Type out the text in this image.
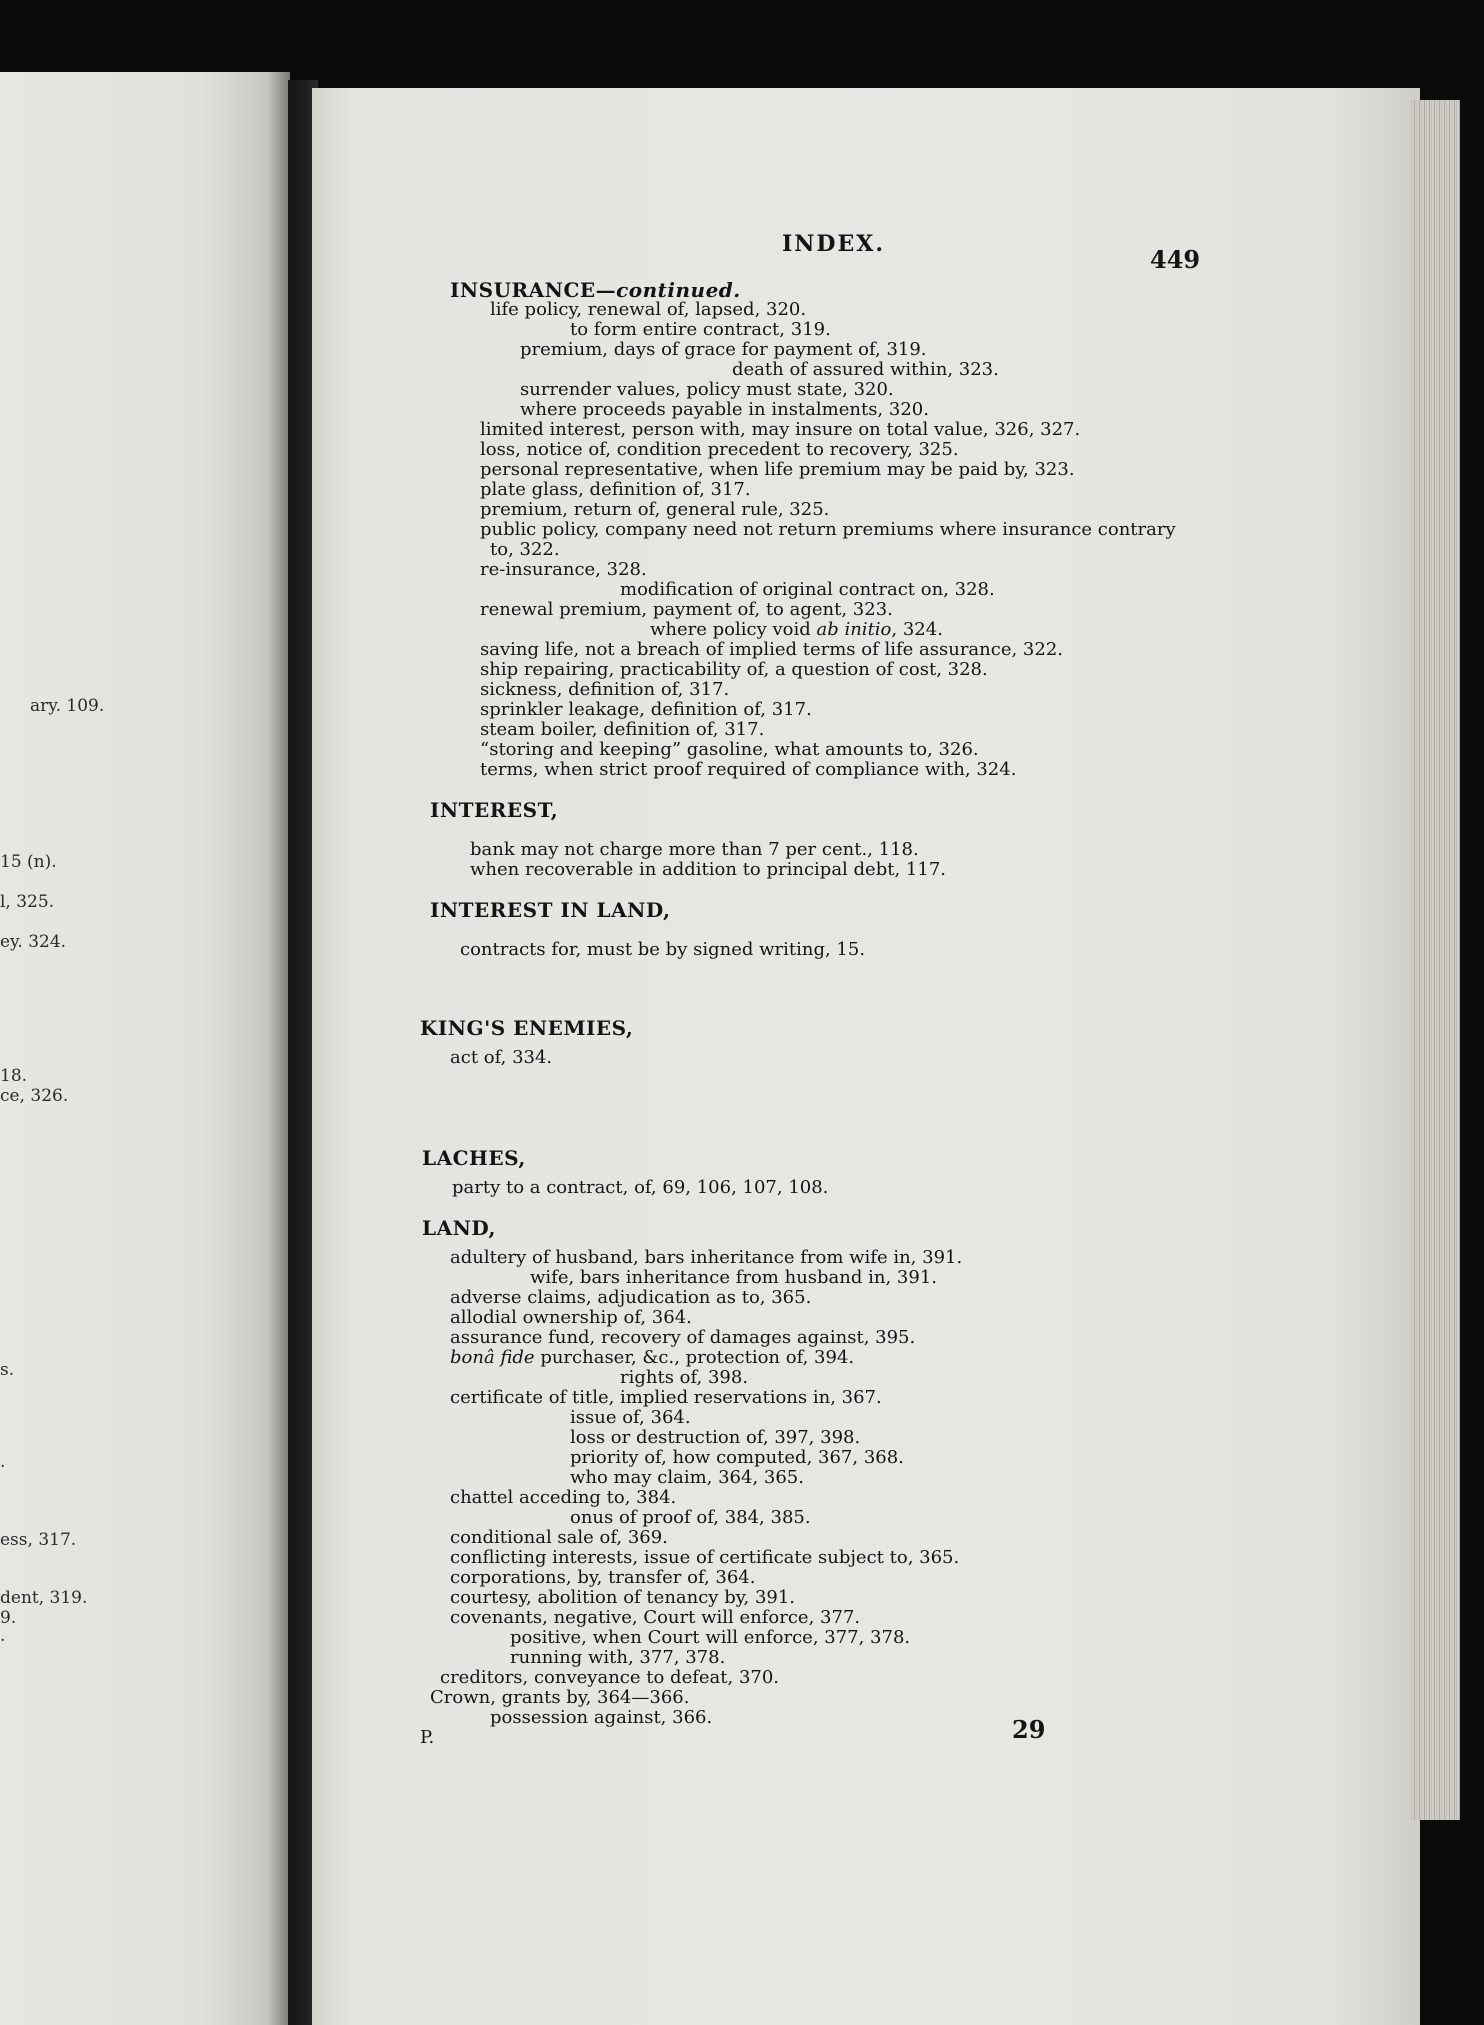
ary. 109.
15 (n).
l, 325.
ey. 324.
18.
ce, 326.
s.
.
ess, 317.
dent, 319.
9.
.
INDEX.
449
INSURANCE—continued.
life policy, renewal of, lapsed, 320.
to form entire contract, 319.
premium, days of grace for payment of, 319.
death of assured within, 323.
surrender values, policy must state, 320.
where proceeds payable in instalments, 320.
limited interest, person with, may insure on total value, 326, 327.
loss, notice of, condition precedent to recovery, 325.
personal representative, when life premium may be paid by, 323.
plate glass, definition of, 317.
premium, return of, general rule, 325.
public policy, company need not return premiums where insurance contrary
to, 322.
re-insurance, 328.
modification of original contract on, 328.
renewal premium, payment of, to agent, 323.
where policy void ab initio, 324.
saving life, not a breach of implied terms of life assurance, 322.
ship repairing, practicability of, a question of cost, 328.
sickness, definition of, 317.
sprinkler leakage, definition of, 317.
steam boiler, definition of, 317.
“storing and keeping” gasoline, what amounts to, 326.
terms, when strict proof required of compliance with, 324.
INTEREST,
bank may not charge more than 7 per cent., 118.
when recoverable in addition to principal debt, 117.
INTEREST IN LAND,
contracts for, must be by signed writing, 15.
KING'S ENEMIES,
act of, 334.
LACHES,
party to a contract, of, 69, 106, 107, 108.
LAND,
adultery of husband, bars inheritance from wife in, 391.
wife, bars inheritance from husband in, 391.
adverse claims, adjudication as to, 365.
allodial ownership of, 364.
assurance fund, recovery of damages against, 395.
bonâ fide purchaser, &c., protection of, 394.
rights of, 398.
certificate of title, implied reservations in, 367.
issue of, 364.
loss or destruction of, 397, 398.
priority of, how computed, 367, 368.
who may claim, 364, 365.
chattel acceding to, 384.
onus of proof of, 384, 385.
conditional sale of, 369.
conflicting interests, issue of certificate subject to, 365.
corporations, by, transfer of, 364.
courtesy, abolition of tenancy by, 391.
covenants, negative, Court will enforce, 377.
positive, when Court will enforce, 377, 378.
running with, 377, 378.
creditors, conveyance to defeat, 370.
Crown, grants by, 364—366.
possession against, 366.
P.	29
